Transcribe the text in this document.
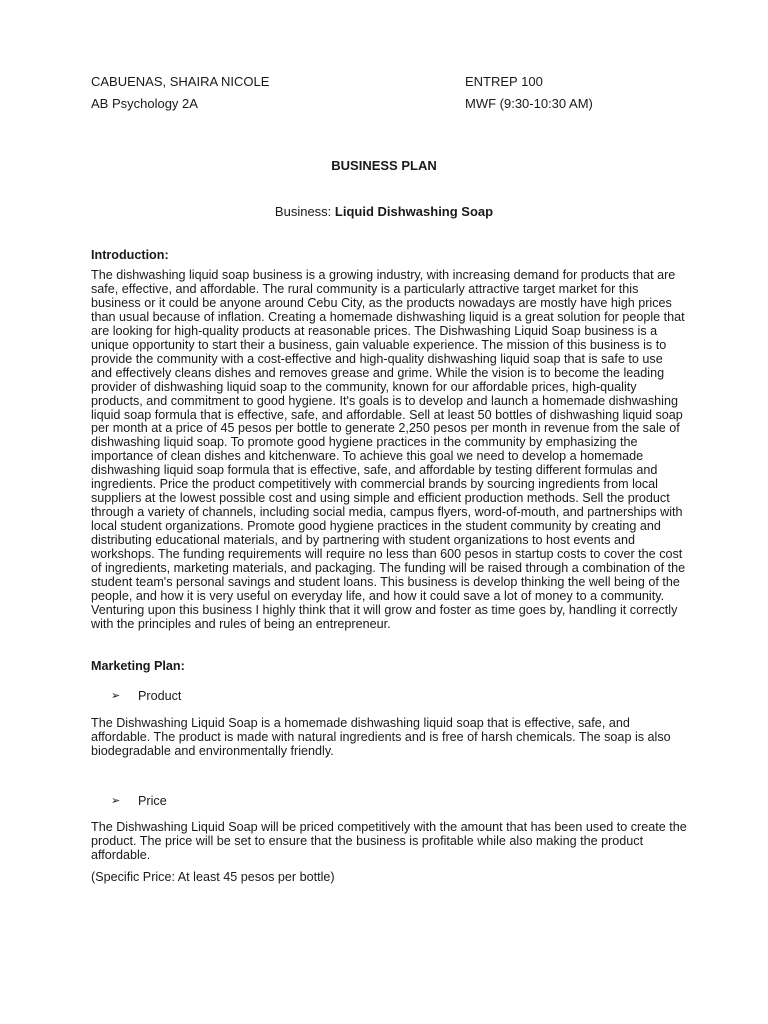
CABUENAS, SHAIRA NICOLE	ENTREP 100
AB Psychology 2A	MWF (9:30-10:30 AM)
BUSINESS PLAN
Business: Liquid Dishwashing Soap

Introduction:

The dishwashing liquid soap business is a growing industry, with increasing demand for products that are safe, effective, and affordable. The rural community is a particularly attractive target market for this business or it could be anyone around Cebu City, as the products nowadays are mostly have high prices than usual because of inflation. Creating a homemade dishwashing liquid is a great solution for people that are looking for high-quality products at reasonable prices. The Dishwashing Liquid Soap business is a unique opportunity to start their a business, gain valuable experience. The mission of this business is to provide the community with a cost-effective and high-quality dishwashing liquid soap that is safe to use and effectively cleans dishes and removes grease and grime. While the vision is to become the leading provider of dishwashing liquid soap to the community, known for our affordable prices, high-quality products, and commitment to good hygiene. It's goals is to develop and launch a homemade dishwashing liquid soap formula that is effective, safe, and affordable. Sell at least 50 bottles of dishwashing liquid soap per month at a price of 45 pesos per bottle to generate 2,250 pesos per month in revenue from the sale of dishwashing liquid soap. To promote good hygiene practices in the community by emphasizing the importance of clean dishes and kitchenware. To achieve this goal we need to develop a homemade dishwashing liquid soap formula that is effective, safe, and affordable by testing different formulas and ingredients. Price the product competitively with commercial brands by sourcing ingredients from local suppliers at the lowest possible cost and using simple and efficient production methods. Sell the product through a variety of channels, including social media, campus flyers, word-of-mouth, and partnerships with local student organizations. Promote good hygiene practices in the student community by creating and distributing educational materials, and by partnering with student organizations to host events and workshops. The funding requirements will require no less than 600 pesos in startup costs to cover the cost of ingredients, marketing materials, and packaging. The funding will be raised through a combination of the student team's personal savings and student loans. This business is develop thinking the well being of the people, and how it is very useful on everyday life, and how it could save a lot of money to a community. Venturing upon this business I highly think that it will grow and foster as time goes by, handling it correctly with the principles and rules of being an entrepreneur.

Marketing Plan:

➢	Product

The Dishwashing Liquid Soap is a homemade dishwashing liquid soap that is effective, safe, and affordable. The product is made with natural ingredients and is free of harsh chemicals. The soap is also biodegradable and environmentally friendly.

➢	Price

The Dishwashing Liquid Soap will be priced competitively with the amount that has been used to create the product. The price will be set to ensure that the business is profitable while also making the product affordable.

(Specific Price: At least 45 pesos per bottle)
